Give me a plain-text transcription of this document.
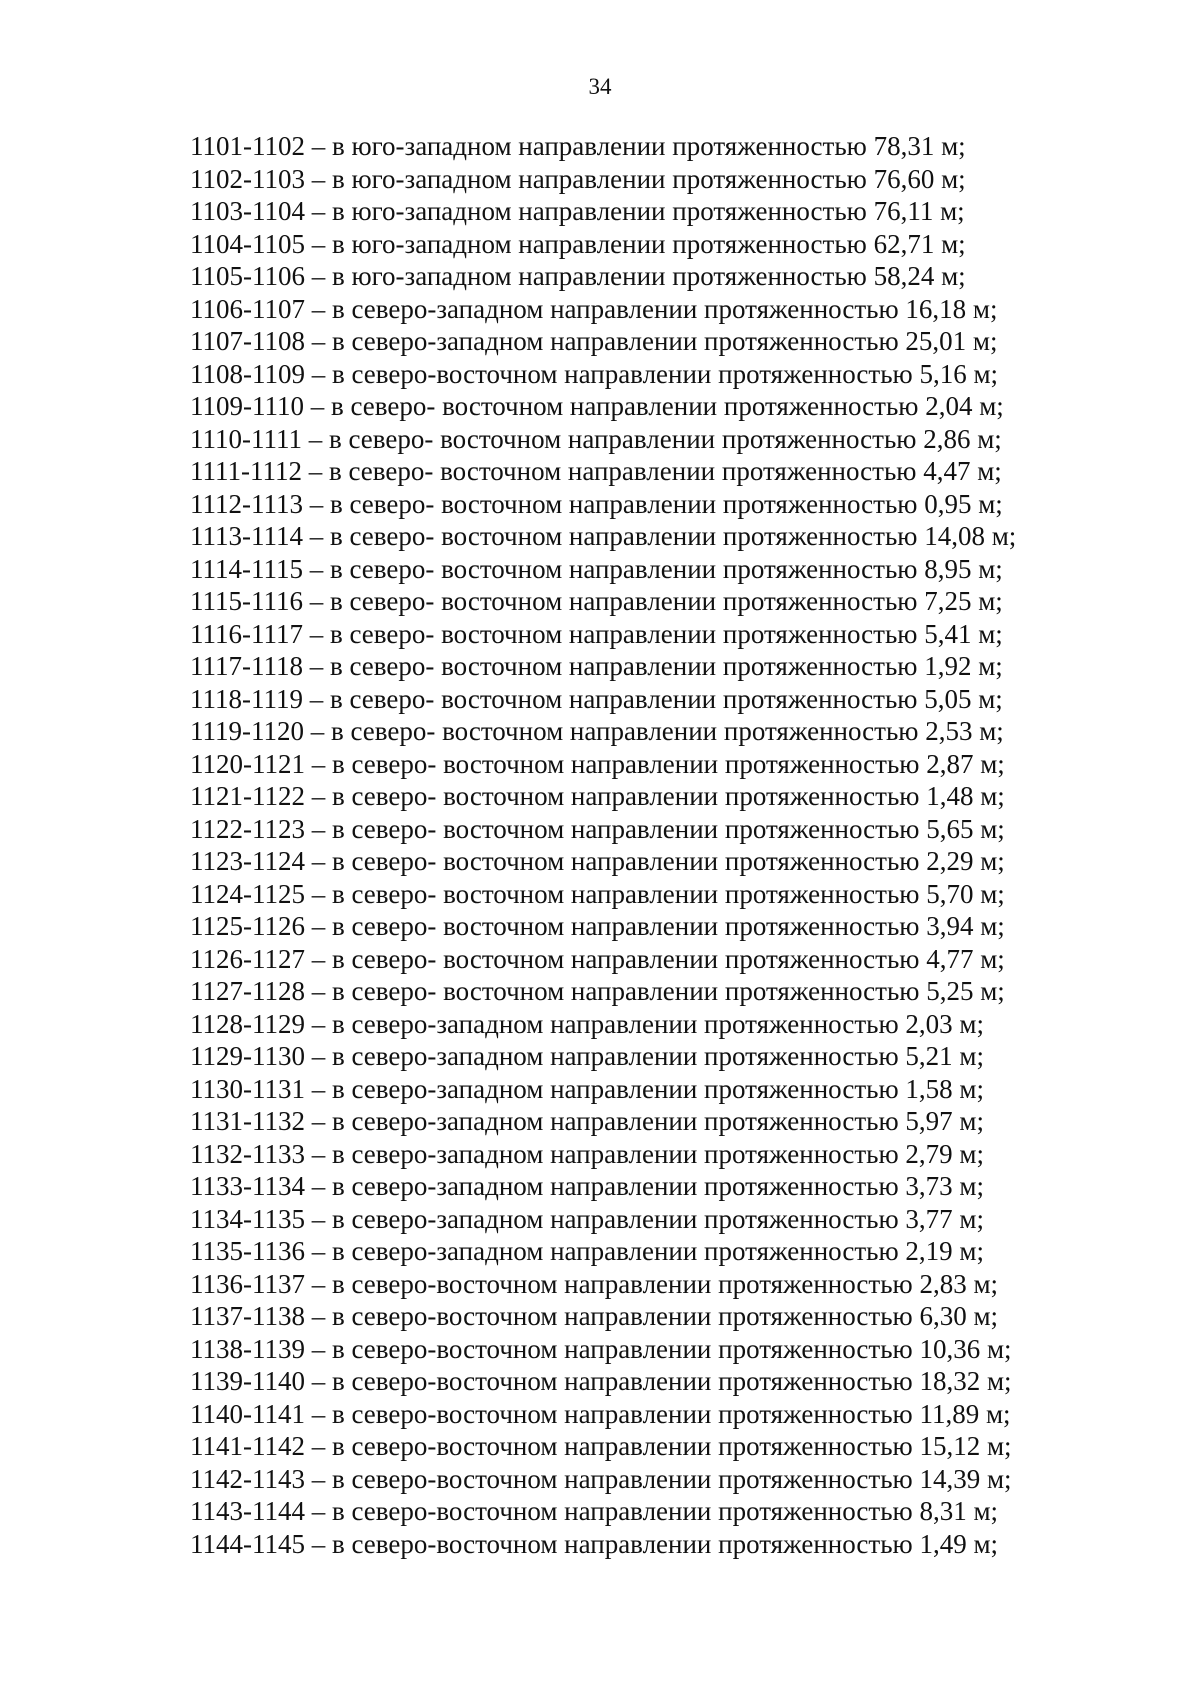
34
1101-1102 – в юго-западном направлении протяженностью 78,31 м;
1102-1103 – в юго-западном направлении протяженностью 76,60 м;
1103-1104 – в юго-западном направлении протяженностью 76,11 м;
1104-1105 – в юго-западном направлении протяженностью 62,71 м;
1105-1106 – в юго-западном направлении протяженностью 58,24 м;
1106-1107 – в северо-западном направлении протяженностью 16,18 м;
1107-1108 – в северо-западном направлении протяженностью 25,01 м;
1108-1109 – в северо-восточном направлении протяженностью 5,16 м;
1109-1110 – в северо- восточном направлении протяженностью 2,04 м;
1110-1111 – в северо- восточном направлении протяженностью 2,86 м;
1111-1112 – в северо- восточном направлении протяженностью 4,47 м;
1112-1113 – в северо- восточном направлении протяженностью 0,95 м;
1113-1114 – в северо- восточном направлении протяженностью 14,08 м;
1114-1115 – в северо- восточном направлении протяженностью 8,95 м;
1115-1116 – в северо- восточном направлении протяженностью 7,25 м;
1116-1117 – в северо- восточном направлении протяженностью 5,41 м;
1117-1118 – в северо- восточном направлении протяженностью 1,92 м;
1118-1119 – в северо- восточном направлении протяженностью 5,05 м;
1119-1120 – в северо- восточном направлении протяженностью 2,53 м;
1120-1121 – в северо- восточном направлении протяженностью 2,87 м;
1121-1122 – в северо- восточном направлении протяженностью 1,48 м;
1122-1123 – в северо- восточном направлении протяженностью 5,65 м;
1123-1124 – в северо- восточном направлении протяженностью 2,29 м;
1124-1125 – в северо- восточном направлении протяженностью 5,70 м;
1125-1126 – в северо- восточном направлении протяженностью 3,94 м;
1126-1127 – в северо- восточном направлении протяженностью 4,77 м;
1127-1128 – в северо- восточном направлении протяженностью 5,25 м;
1128-1129 – в северо-западном направлении протяженностью 2,03 м;
1129-1130 – в северо-западном направлении протяженностью 5,21 м;
1130-1131 – в северо-западном направлении протяженностью 1,58 м;
1131-1132 – в северо-западном направлении протяженностью 5,97 м;
1132-1133 – в северо-западном направлении протяженностью 2,79 м;
1133-1134 – в северо-западном направлении протяженностью 3,73 м;
1134-1135 – в северо-западном направлении протяженностью 3,77 м;
1135-1136 – в северо-западном направлении протяженностью 2,19 м;
1136-1137 – в северо-восточном направлении протяженностью 2,83 м;
1137-1138 – в северо-восточном направлении протяженностью 6,30 м;
1138-1139 – в северо-восточном направлении протяженностью 10,36 м;
1139-1140 – в северо-восточном направлении протяженностью 18,32 м;
1140-1141 – в северо-восточном направлении протяженностью 11,89 м;
1141-1142 – в северо-восточном направлении протяженностью 15,12 м;
1142-1143 – в северо-восточном направлении протяженностью 14,39 м;
1143-1144 – в северо-восточном направлении протяженностью 8,31 м;
1144-1145 – в северо-восточном направлении протяженностью 1,49 м;
